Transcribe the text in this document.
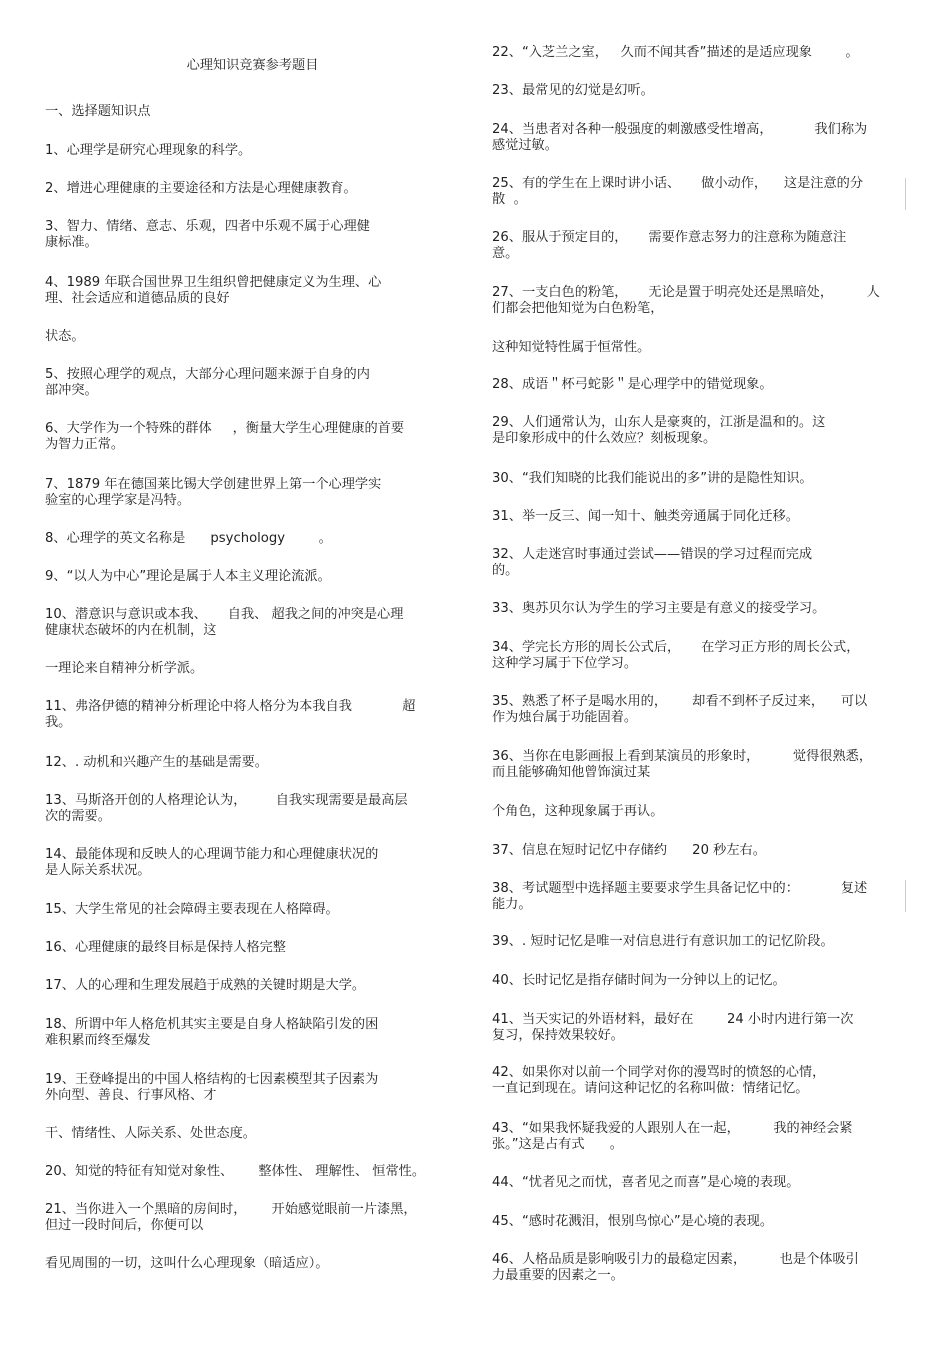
心理知识竞赛参考题目

一、选择题知识点

1、心理学是研究心理现象的科学。

2、增进心理健康的主要途径和方法是心理健康教育。

3、智力、情绪、意志、乐观，四者中乐观不属于心理健
康标准。

4、1989 年联合国世界卫生组织曾把健康定义为生理、心
理、社会适应和道德品质的良好

状态。

5、按照心理学的观点，大部分心理问题来源于自身的内
部冲突。

6、大学作为一个特殊的群体     ，衡量大学生心理健康的首要
为智力正常。

7、1879 年在德国莱比锡大学创建世界上第一个心理学实
验室的心理学家是冯特。

8、心理学的英文名称是      psychology        。

9、“以人为中心”理论是属于人本主义理论流派。

10、潜意识与意识或本我、     自我、 超我之间的冲突是心理
健康状态破坏的内在机制，这

一理论来自精神分析学派。

11、弗洛伊德的精神分析理论中将人格分为本我自我            超
我。

12、. 动机和兴趣产生的基础是需要。

13、马斯洛开创的人格理论认为，       自我实现需要是最高层
次的需要。

14、最能体现和反映人的心理调节能力和心理健康状况的
是人际关系状况。

15、大学生常见的社会障碍主要表现在人格障碍。

16、心理健康的最终目标是保持人格完整

17、人的心理和生理发展趋于成熟的关键时期是大学。

18、所谓中年人格危机其实主要是自身人格缺陷引发的困
难积累而终至爆发

19、王登峰提出的中国人格结构的七因素模型其子因素为
外向型、善良、行事风格、才

干、情绪性、人际关系、处世态度。

20、知觉的特征有知觉对象性、      整体性、 理解性、 恒常性。

21、当你进入一个黑暗的房间时，      开始感觉眼前一片漆黑，
但过一段时间后，你便可以

看见周围的一切，这叫什么心理现象（暗适应）。

22、“入芝兰之室，   久而不闻其香”描述的是适应现象        。

23、最常见的幻觉是幻听。

24、当患者对各种一般强度的刺激感受性增高，          我们称为
感觉过敏。

25、有的学生在上课时讲小话、     做小动作，    这是注意的分
散  。

26、服从于预定目的，     需要作意志努力的注意称为随意注
意。

27、一支白色的粉笔，     无论是置于明亮处还是黑暗处，        人
们都会把他知觉为白色粉笔，

这种知觉特性属于恒常性。

28、成语＂杯弓蛇影＂是心理学中的错觉现象。

29、人们通常认为，山东人是豪爽的，江浙是温和的。这
是印象形成中的什么效应？刻板现象。

30、“我们知晓的比我们能说出的多”讲的是隐性知识。

31、举一反三、闻一知十、触类旁通属于同化迁移。

32、人走迷宫时事通过尝试——错误的学习过程而完成
的。

33、奥苏贝尔认为学生的学习主要是有意义的接受学习。

34、学完长方形的周长公式后，     在学习正方形的周长公式，
这种学习属于下位学习。

35、熟悉了杯子是喝水用的，      却看不到杯子反过来，    可以
作为烛台属于功能固着。

36、当你在电影画报上看到某演员的形象时，        觉得很熟悉，
而且能够确知他曾饰演过某

个角色，这种现象属于再认。

37、信息在短时记忆中存储约      20 秒左右。

38、考试题型中选择题主要要求学生具备记忆中的：          复述
能力。

39、. 短时记忆是唯一对信息进行有意识加工的记忆阶段。

40、长时记忆是指存储时间为一分钟以上的记忆。

41、当天实记的外语材料，最好在        24 小时内进行第一次
复习，保持效果较好。

42、如果你对以前一个同学对你的漫骂时的愤怒的心情，
一直记到现在。请问这种记忆的名称叫做：情绪记忆。

43、“如果我怀疑我爱的人跟别人在一起，        我的神经会紧
张。”这是占有式      。

44、“忧者见之而忧，喜者见之而喜”是心境的表现。

45、“感时花溅泪，恨别鸟惊心”是心境的表现。

46、人格品质是影响吸引力的最稳定因素，        也是个体吸引
力最重要的因素之一。
